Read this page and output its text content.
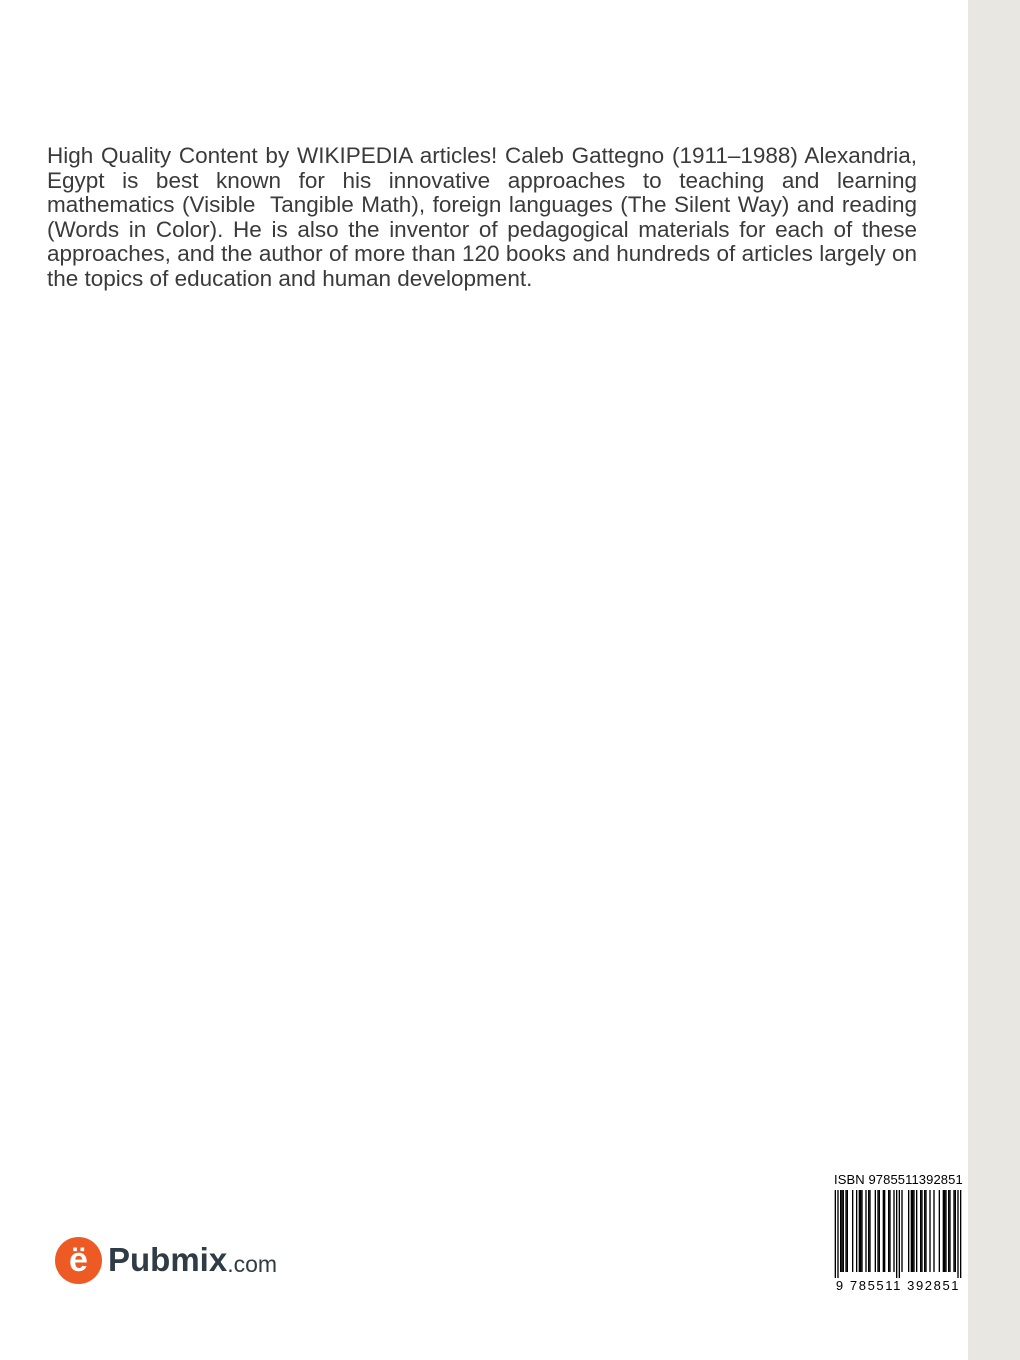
High Quality Content by WIKIPEDIA articles! Caleb Gattegno (1911–1988) Alexandria, Egypt is best known for his innovative approaches to teaching and learning mathematics (Visible  Tangible Math), foreign languages (The Silent Way) and reading (Words in Color). He is also the inventor of pedagogical materials for each of these approaches, and the author of more than 120 books and hundreds of articles largely on the topics of education and human development.

ë Pubmix .com
ISBN 9785511392851
9 785511 392851
